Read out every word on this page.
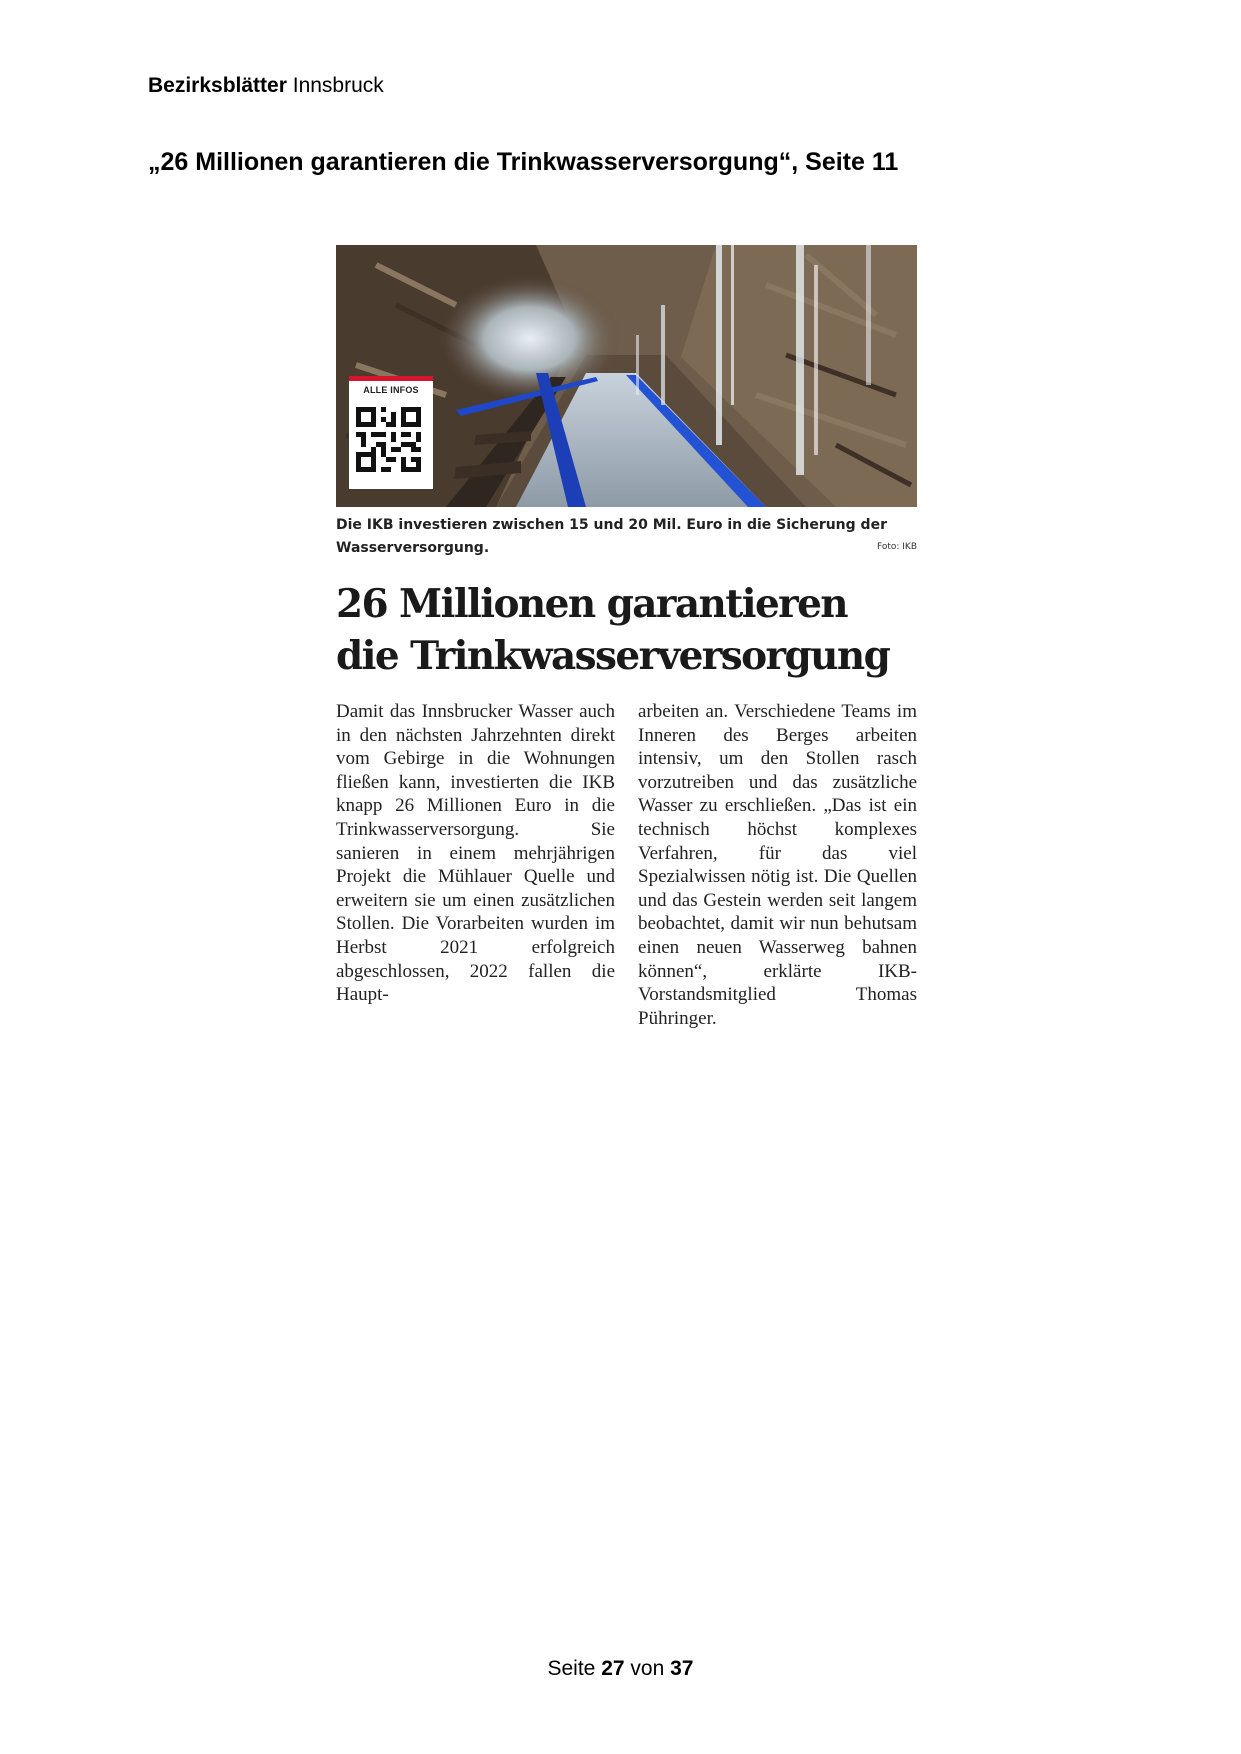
Bezirksblätter Innsbruck
„26 Millionen garantieren die Trinkwasserversorgung“, Seite 11
ALLE INFOS
Die IKB investieren zwischen 15 und 20 Mil. Euro in die Sicherung der Wasserversorgung.	Foto: IKB
26 Millionen garantieren
die Trinkwasserversorgung
Damit das Innsbrucker Wasser auch in den nächsten Jahrzehnten direkt vom Gebirge in die Wohnungen fließen kann, investierten die IKB knapp 26 Millionen Euro in die Trinkwasserversorgung. Sie sanieren in einem mehrjährigen Projekt die Mühlauer Quelle und erweitern sie um einen zusätzlichen Stollen. Die Vorarbeiten wurden im Herbst 2021 erfolgreich abgeschlossen, 2022 fallen die Haupt-
arbeiten an. Verschiedene Teams im Inneren des Berges arbeiten intensiv, um den Stollen rasch vorzutreiben und das zusätzliche Wasser zu erschließen. „Das ist ein technisch höchst komplexes Verfahren, für das viel Spezialwissen nötig ist. Die Quellen und das Gestein werden seit langem beobachtet, damit wir nun behutsam einen neuen Wasserweg bahnen können“, erklärte IKB-Vorstandsmitglied Thomas Pühringer.
Seite 27 von 37
